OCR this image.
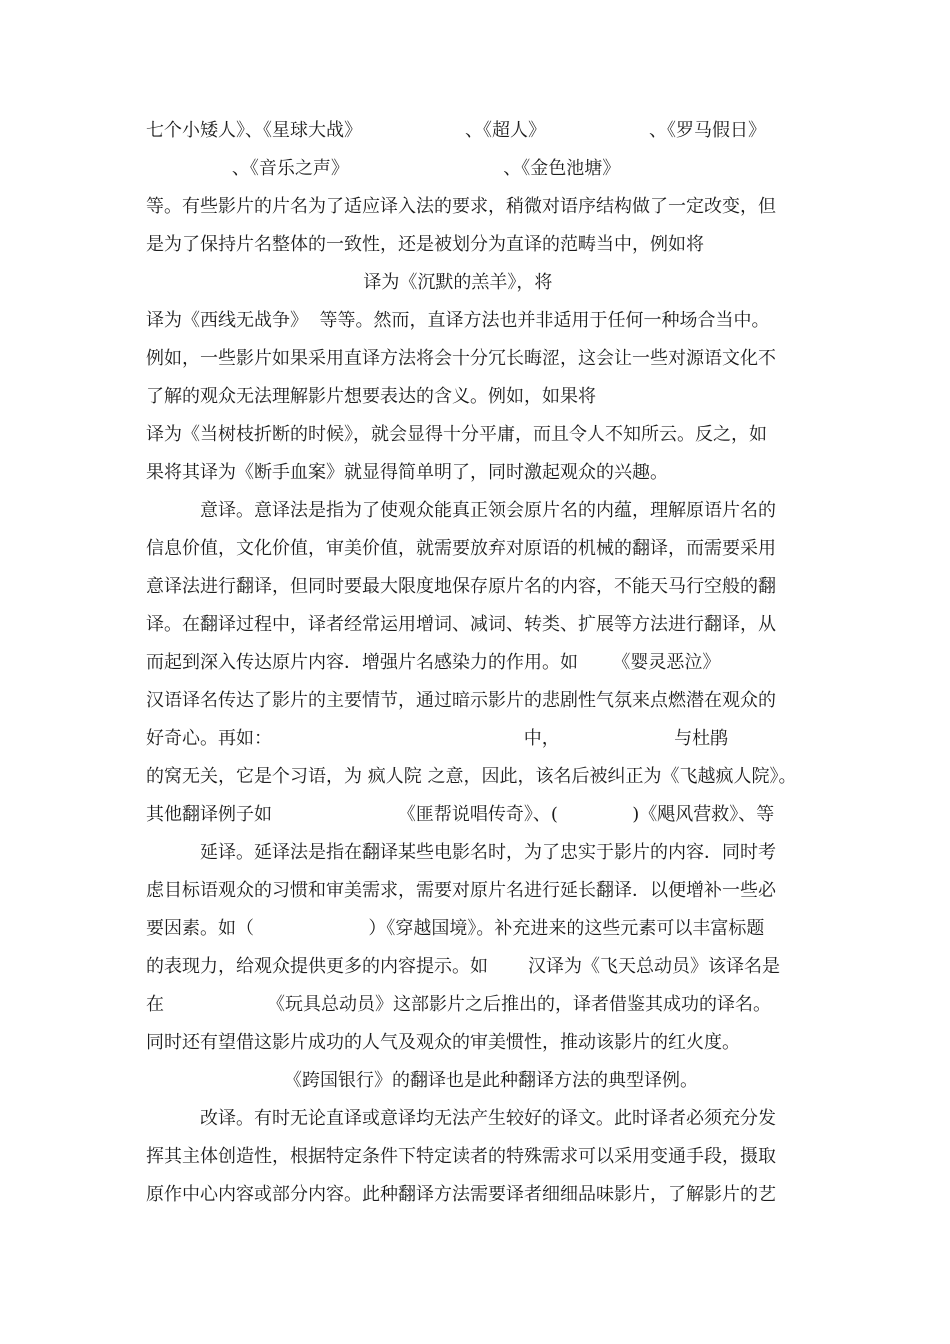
七个小矮人》、《星球大战》                  、《超人》                  、《罗马假日》
、《音乐之声》                           、《金色池塘》
等。有些影片的片名为了适应译入法的要求，稍微对语序结构做了一定改变，但
是为了保持片名整体的一致性，还是被划分为直译的范畴当中，例如将
译为《沉默的羔羊》，将
译为《西线无战争》  等等。然而，直译方法也并非适用于任何一种场合当中。
例如，一些影片如果采用直译方法将会十分冗长晦涩，这会让一些对源语文化不
了解的观众无法理解影片想要表达的含义。例如，如果将
译为《当树枝折断的时候》，就会显得十分平庸，而且令人不知所云。反之，如
果将其译为《断手血案》就显得简单明了，同时激起观众的兴趣。
意译。意译法是指为了使观众能真正领会原片名的内蕴，理解原语片名的
信息价值，文化价值，审美价值，就需要放弃对原语的机械的翻译，而需要采用
意译法进行翻译，但同时要最大限度地保存原片名的内容，不能天马行空般的翻
译。在翻译过程中，译者经常运用增词、减词、转类、扩展等方法进行翻译，从
而起到深入传达原片内容．增强片名感染力的作用。如      《婴灵恶泣》
汉语译名传达了影片的主要情节，通过暗示影片的悲剧性气氛来点燃潜在观众的
好奇心。再如：                                            中，                    与杜鹃
的窝无关，它是个习语，为 疯人院 之意，因此，该名后被纠正为《飞越疯人院》。
其他翻译例子如                      《匪帮说唱传奇》、(             )《飓风营救》、等
延译。延译法是指在翻译某些电影名时，为了忠实于影片的内容．同时考
虑目标语观众的习惯和审美需求，需要对原片名进行延长翻译．以便增补一些必
要因素。如（                    ）《穿越国境》。补充进来的这些元素可以丰富标题
的表现力，给观众提供更多的内容提示。如       汉译为《飞天总动员》该译名是
在                  《玩具总动员》这部影片之后推出的，译者借鉴其成功的译名。
同时还有望借这影片成功的人气及观众的审美惯性，推动该影片的红火度。
《跨国银行》的翻译也是此种翻译方法的典型译例。
改译。有时无论直译或意译均无法产生较好的译文。此时译者必须充分发
挥其主体创造性，根据特定条件下特定读者的特殊需求可以采用变通手段，摄取
原作中心内容或部分内容。此种翻译方法需要译者细细品味影片，了解影片的艺
